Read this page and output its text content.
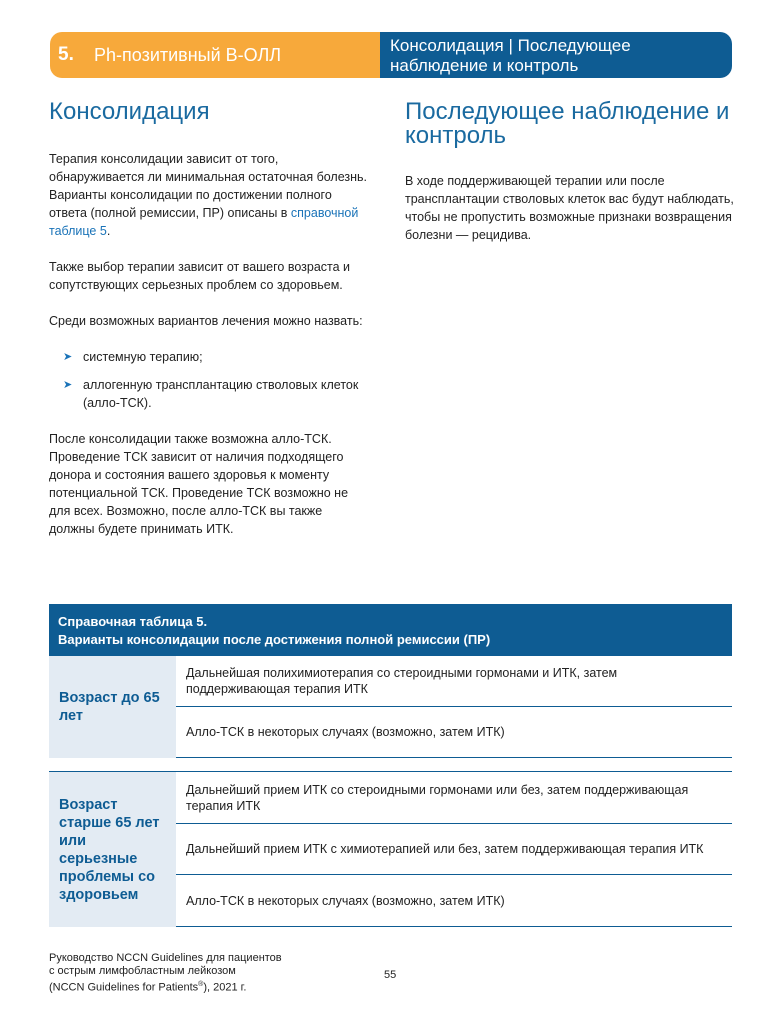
5.	Ph-позитивный В-ОЛЛ	Консолидация | Последующее наблюдение и контроль
Консолидация

Терапия консолидации зависит от того, обнаруживается ли минимальная остаточная болезнь. Варианты консолидации по достижении полного ответа (полной ремиссии, ПР) описаны в справочной таблице 5.

Также выбор терапии зависит от вашего возраста и сопутствующих серьезных проблем со здоровьем.

Среди возможных вариантов лечения можно назвать:

➤ системную терапию;
➤ аллогенную трансплантацию стволовых клеток (алло-ТСК).

После консолидации также возможна алло-ТСК. Проведение ТСК зависит от наличия подходящего донора и состояния вашего здоровья к моменту потенциальной ТСК. Проведение ТСК возможно не для всех. Возможно, после алло-ТСК вы также должны будете принимать ИТК.

Последующее наблюдение и контроль

В ходе поддерживающей терапии или после трансплантации стволовых клеток вас будут наблюдать, чтобы не пропустить возможные признаки возвращения болезни — рецидива.

Справочная таблица 5.
Варианты консолидации после достижения полной ремиссии (ПР)
Возраст до 65 лет
Дальнейшая полихимиотерапия со стероидными гормонами и ИТК, затем поддерживающая терапия ИТК
Алло-ТСК в некоторых случаях (возможно, затем ИТК)
Возраст старше 65 лет или серьезные проблемы со здоровьем
Дальнейший прием ИТК со стероидными гормонами или без, затем поддерживающая терапия ИТК
Дальнейший прием ИТК с химиотерапией или без, затем поддерживающая терапия ИТК
Алло-ТСК в некоторых случаях (возможно, затем ИТК)
Руководство NCCN Guidelines для пациентов
с острым лимфобластным лейкозом
(NCCN Guidelines for Patients®), 2021 г.
55
